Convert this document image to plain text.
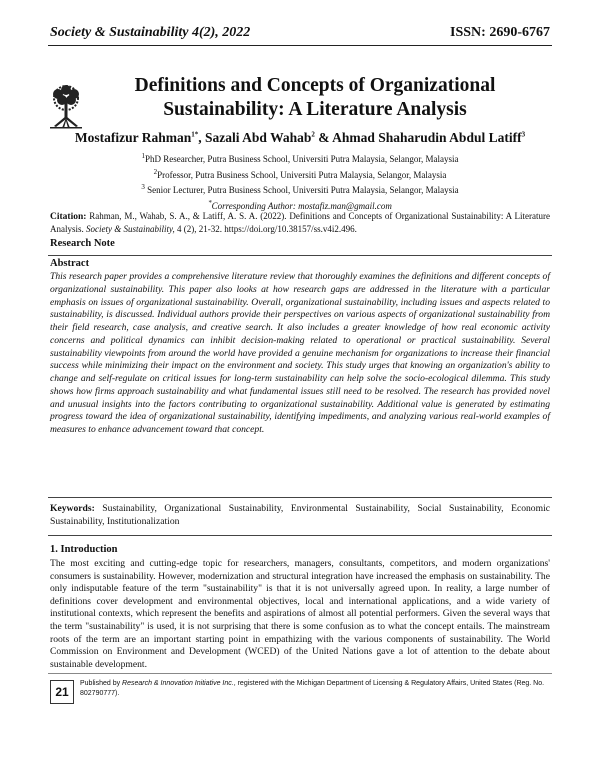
Society & Sustainability 4(2), 2022	ISSN: 2690-6767
Definitions and Concepts of Organizational
Sustainability: A Literature Analysis
Mostafizur Rahman$^{1*}$, Sazali Abd Wahab$^2$ & Ahmad Shaharudin Abdul Latiff$^3$
$^1$PhD Researcher, Putra Business School, Universiti Putra Malaysia, Selangor, Malaysia
$^2$Professor, Putra Business School, Universiti Putra Malaysia, Selangor, Malaysia
$^3$ Senior Lecturer, Putra Business School, Universiti Putra Malaysia, Selangor, Malaysia
*Corresponding Author: mostafiz.man@gmail.com
Citation: Rahman, M., Wahab, S. A., & Latiff, A. S. A. (2022). Definitions and Concepts of Organizational Sustainability: A Literature Analysis. Society & Sustainability, 4 (2), 21-32. https://doi.org/10.38157/ss.v4i2.496.
Research Note
Abstract
This research paper provides a comprehensive literature review that thoroughly examines the definitions and different concepts of organizational sustainability. This paper also looks at how research gaps are addressed in the literature with a particular emphasis on issues of organizational sustainability. Overall, organizational sustainability, including issues and aspects related to sustainability, is discussed. Individual authors provide their perspectives on various aspects of organizational sustainability from their field research, case analysis, and creative search. It also includes a greater knowledge of how real economic activity concerns and political dynamics can inhibit decision-making related to operational or practical sustainability. Several sustainability viewpoints from around the world have provided a genuine mechanism for organizations to increase their financial success while minimizing their impact on the environment and society. This study urges that knowing an organization's ability to change and self-regulate on critical issues for long-term sustainability can help solve the socio-ecological dilemma. This study shows how firms approach sustainability and what fundamental issues still need to be resolved. The research has provided novel and unusual insights into the factors contributing to organizational sustainability. Additional value is generated by estimating progress toward the idea of organizational sustainability, identifying impediments, and analyzing various real-world examples of measures to enhance advancement toward that concept.
Keywords: Sustainability, Organizational Sustainability, Environmental Sustainability, Social Sustainability, Economic Sustainability, Institutionalization
1. Introduction
The most exciting and cutting-edge topic for researchers, managers, consultants, competitors, and modern organizations' consumers is sustainability. However, modernization and structural integration have increased the emphasis on sustainability. The only indisputable feature of the term "sustainability" is that it is not universally agreed upon. In reality, a large number of definitions cover development and environmental objectives, local and international applications, and a wide variety of institutional contexts, which represent the benefits and aspirations of almost all potential performers. Given the several ways that the term "sustainability" is used, it is not surprising that there is some confusion as to what the concept entails. The mainstream roots of the term are an important starting point in empathizing with the various components of sustainability. The World Commission on Environment and Development (WCED) of the United Nations gave a lot of attention to the debate about sustainable development.
21
Published by Research & Innovation Initiative Inc., registered with the Michigan Department of Licensing & Regulatory Affairs, United States (Reg. No. 802790777).
